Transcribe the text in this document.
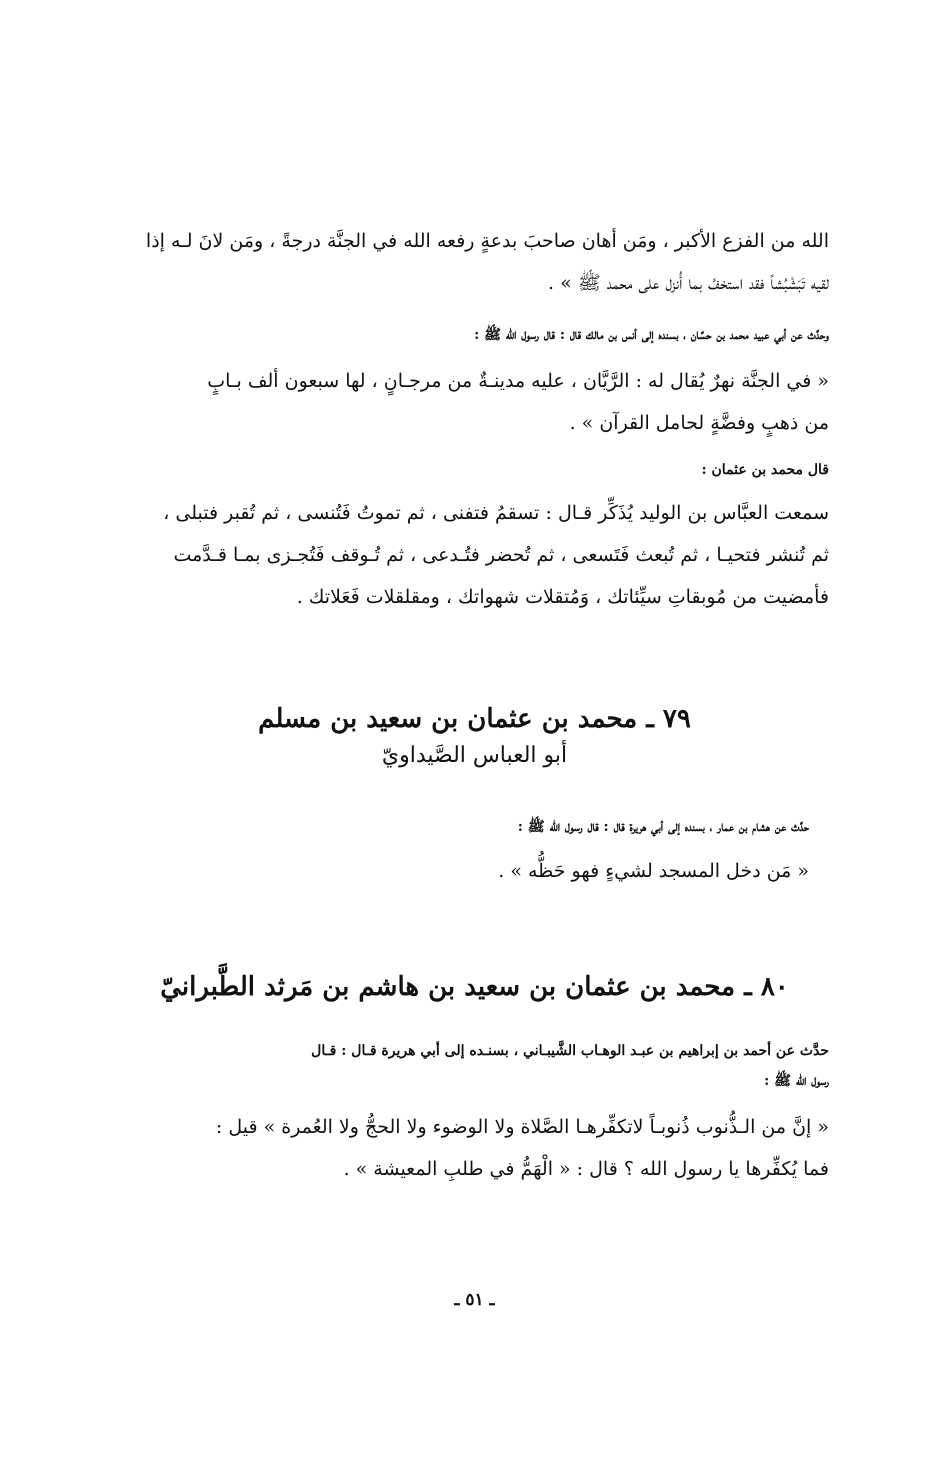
الله من الفزع الأكبر ، ومَن أهان صاحبَ بدعةٍ رفعه الله في الجنَّة درجةً ، ومَن لانَ لـه إذا
لقيه تَبَشْبُشاً فقد استخفَّ بما أُنزل على محمد ﷺ » .
وحدَّث عن أبي عبيد محمد بن حسَّان ، بسنده إلى أنس بن مالك قال : قال رسول الله ﷺ :
« في الجنَّة نهرٌ يُقال له : الرَّيَّان ، عليه مدينـةٌ من مرجـانٍ ، لها سبعون ألف بـابٍ
من ذهبٍ وفضَّةٍ لحامل القرآن » .
قال محمد بن عثمان :
سمعت العبَّاس بن الوليد يُذَكِّر قـال : تسقمُ فتفنى ، ثم تموتُ فَتُنسى ، ثم تُقبر فتبلى ،
ثم تُنشر فتحيـا ، ثم تُبعث فَتَسعى ، ثم تُحضر فتُـدعى ، ثم تُـوقف فَتُجـزى بمـا قـدَّمت
فأمضيت من مُوبقاتِ سيِّئاتك ، وَمُتقلات شهواتك ، ومقلقلات فَعَلاتك .
٧٩ ـ محمد بن عثمان بن سعيد بن مسلم
أبو العباس الصَّيداويّ
حدَّث عن هشام بن عمار ، بسنده إلى أبي هريرة قال : قال رسول الله ﷺ :
« مَن دخل المسجد لشيءٍ فهو حَظُّه » .
٨٠ ـ محمد بن عثمان بن سعيد بن هاشم بن مَرثد الطَّبرانيّ
حدَّث عن أحمد بن إبراهيم بن عبـد الوهـاب الشَّيبـاني ، بسنـده إلى أبي هريرة قـال : قـال
رسول الله ﷺ :
« إنَّ من الـذُّنوب ذُنوبـاً لاتكفِّرهـا الصَّلاة ولا الوضوء ولا الحجُّ ولا العُمرة » قيل :
فما يُكفِّرها يا رسول الله ؟ قال : « الْهَمُّ في طلبِ المعيشة » .
ـ ٥١ ـ
